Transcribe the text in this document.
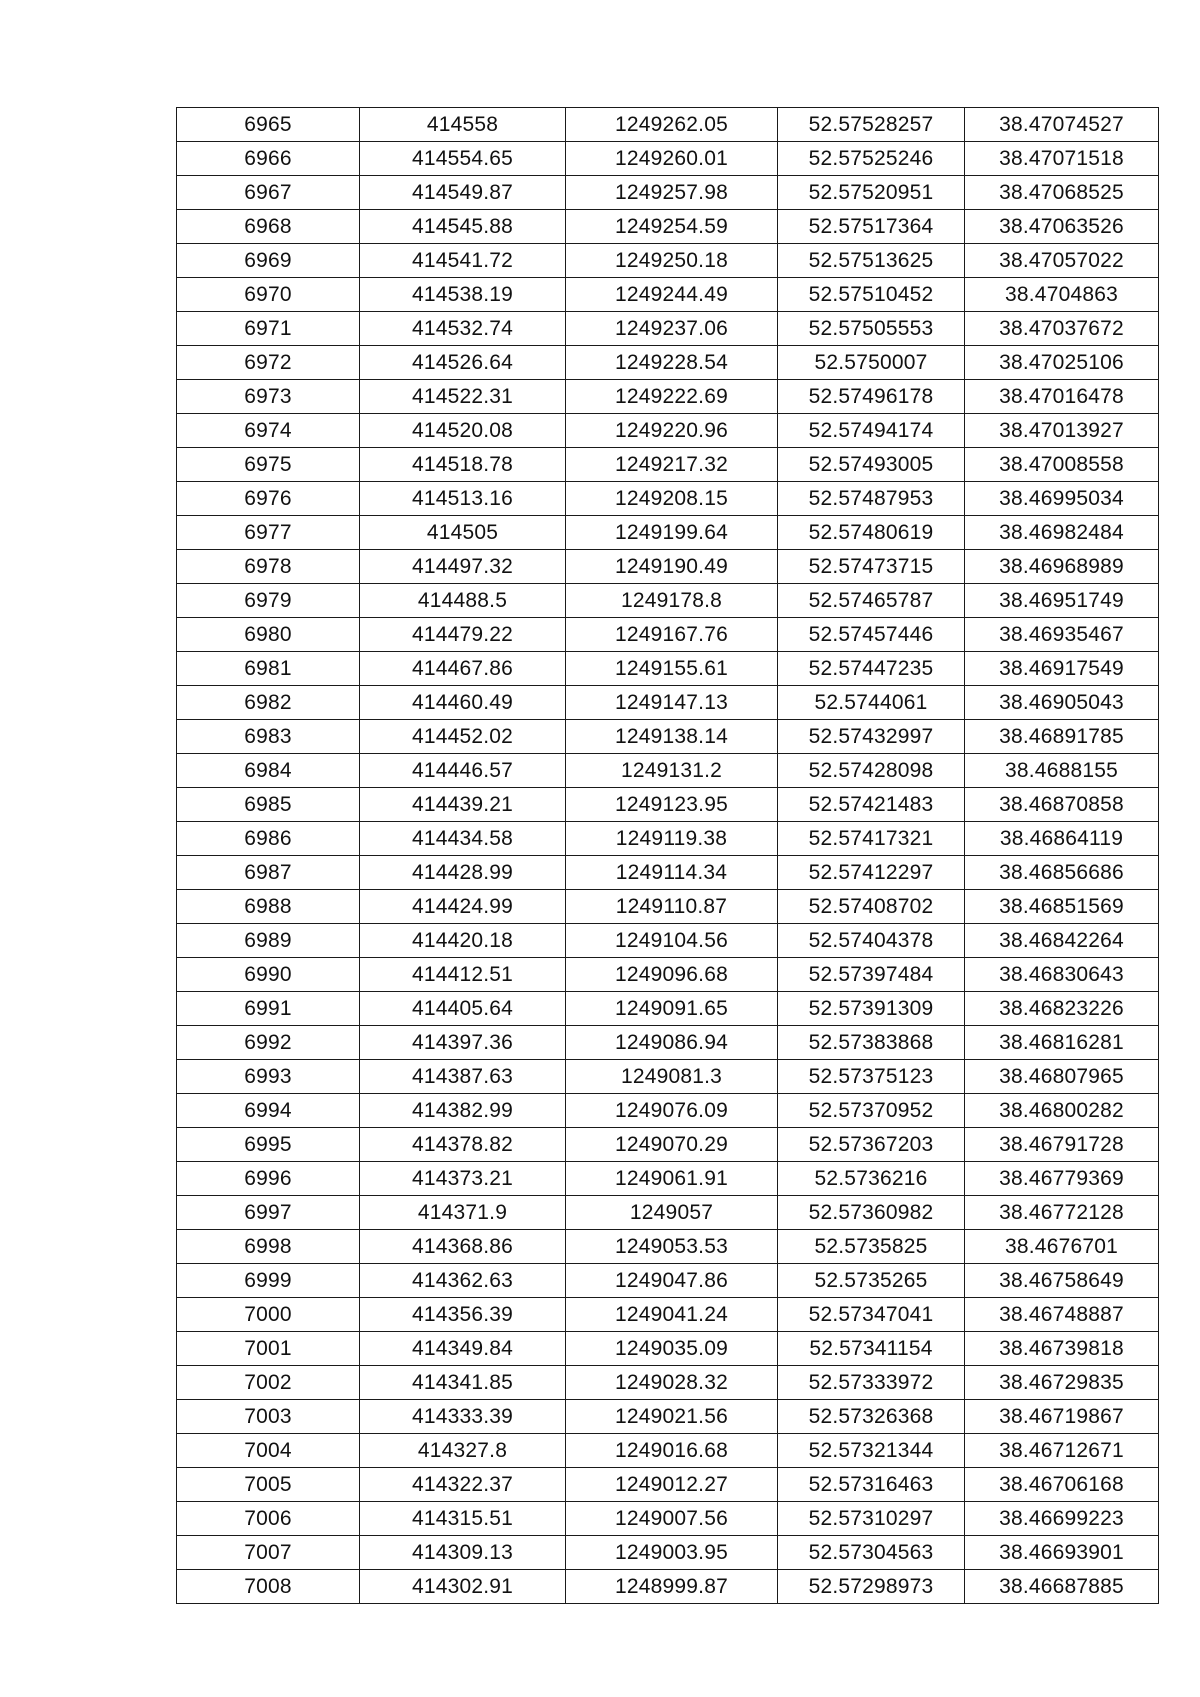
6965	414558	1249262.05	52.57528257	38.47074527
6966	414554.65	1249260.01	52.57525246	38.47071518
6967	414549.87	1249257.98	52.57520951	38.47068525
6968	414545.88	1249254.59	52.57517364	38.47063526
6969	414541.72	1249250.18	52.57513625	38.47057022
6970	414538.19	1249244.49	52.57510452	38.4704863
6971	414532.74	1249237.06	52.57505553	38.47037672
6972	414526.64	1249228.54	52.5750007	38.47025106
6973	414522.31	1249222.69	52.57496178	38.47016478
6974	414520.08	1249220.96	52.57494174	38.47013927
6975	414518.78	1249217.32	52.57493005	38.47008558
6976	414513.16	1249208.15	52.57487953	38.46995034
6977	414505	1249199.64	52.57480619	38.46982484
6978	414497.32	1249190.49	52.57473715	38.46968989
6979	414488.5	1249178.8	52.57465787	38.46951749
6980	414479.22	1249167.76	52.57457446	38.46935467
6981	414467.86	1249155.61	52.57447235	38.46917549
6982	414460.49	1249147.13	52.5744061	38.46905043
6983	414452.02	1249138.14	52.57432997	38.46891785
6984	414446.57	1249131.2	52.57428098	38.4688155
6985	414439.21	1249123.95	52.57421483	38.46870858
6986	414434.58	1249119.38	52.57417321	38.46864119
6987	414428.99	1249114.34	52.57412297	38.46856686
6988	414424.99	1249110.87	52.57408702	38.46851569
6989	414420.18	1249104.56	52.57404378	38.46842264
6990	414412.51	1249096.68	52.57397484	38.46830643
6991	414405.64	1249091.65	52.57391309	38.46823226
6992	414397.36	1249086.94	52.57383868	38.46816281
6993	414387.63	1249081.3	52.57375123	38.46807965
6994	414382.99	1249076.09	52.57370952	38.46800282
6995	414378.82	1249070.29	52.57367203	38.46791728
6996	414373.21	1249061.91	52.5736216	38.46779369
6997	414371.9	1249057	52.57360982	38.46772128
6998	414368.86	1249053.53	52.5735825	38.4676701
6999	414362.63	1249047.86	52.5735265	38.46758649
7000	414356.39	1249041.24	52.57347041	38.46748887
7001	414349.84	1249035.09	52.57341154	38.46739818
7002	414341.85	1249028.32	52.57333972	38.46729835
7003	414333.39	1249021.56	52.57326368	38.46719867
7004	414327.8	1249016.68	52.57321344	38.46712671
7005	414322.37	1249012.27	52.57316463	38.46706168
7006	414315.51	1249007.56	52.57310297	38.46699223
7007	414309.13	1249003.95	52.57304563	38.46693901
7008	414302.91	1248999.87	52.57298973	38.46687885
